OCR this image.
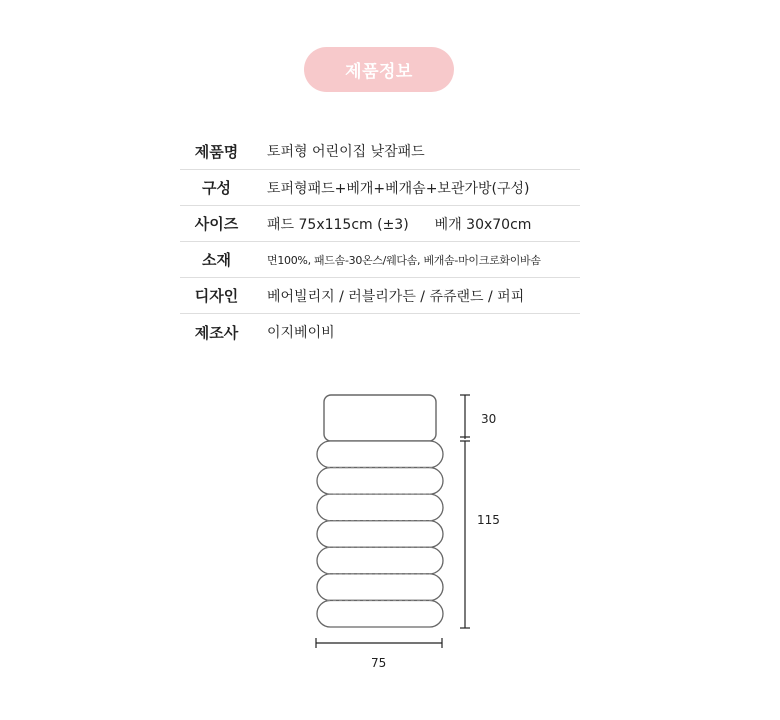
제품정보
제품명	토퍼형 어린이집 낮잠패드
구성	토퍼형패드+베개+베개솜+보관가방(구성)
사이즈	패드 75x115cm (±3) 베개 30x70cm
소재	면100%, 패드솜-30온스/웨다솜, 베개솜-마이크로화이바솜
디자인	베어빌리지 / 러블리가든 / 쥬쥬랜드 / 퍼피
제조사	이지베이비
30
115
75
